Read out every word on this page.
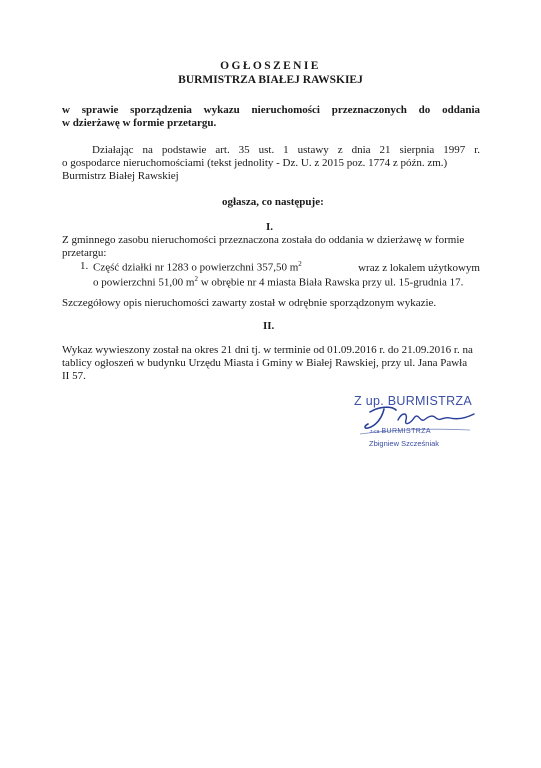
OGŁOSZENIE
BURMISTRZA BIAŁEJ RAWSKIEJ
w sprawie sporządzenia wykazu nieruchomości przeznaczonych do oddania
w dzierżawę w formie przetargu.
Działając na podstawie art. 35 ust. 1 ustawy z dnia 21 sierpnia 1997 r.
o gospodarce nieruchomościami (tekst jednolity - Dz. U. z 2015 poz. 1774 z późn. zm.)
Burmistrz Białej Rawskiej
ogłasza, co następuje:
I.
Z gminnego zasobu nieruchomości przeznaczona została do oddania w dzierżawę w formie
przetargu:
1. Część działki nr 1283 o powierzchni 357,50 $m^2$	wraz z lokalem użytkowym
o powierzchni 51,00 $m^2$ w obrębie nr 4 miasta Biała Rawska przy ul. 15-grudnia 17.
Szczegółowy opis nieruchomości zawarty został w odrębnie sporządzonym wykazie.
II.
Wykaz wywieszony został na okres 21 dni tj. w terminie od 01.09.2016 r. do 21.09.2016 r. na
tablicy ogłoszeń w budynku Urzędu Miasta i Gminy w Białej Rawskiej, przy ul. Jana Pawła
II 57.
Z up. BURMISTRZA
z-ca BURMISTRZA
Zbigniew Szcześniak
